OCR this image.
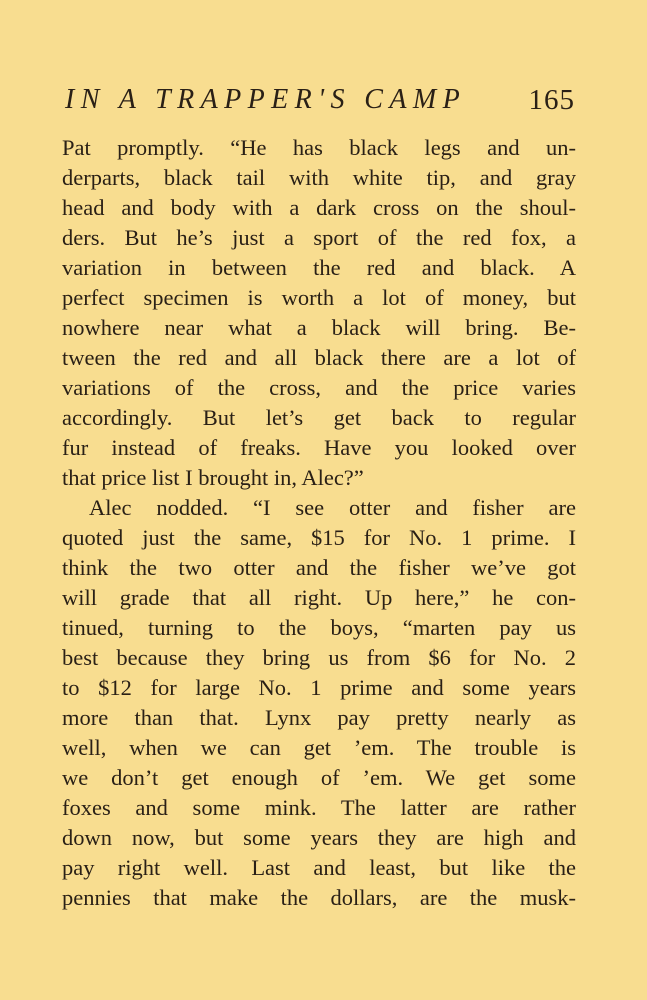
IN A TRAPPER'S CAMP 165
Pat promptly. “He has black legs and un-
derparts, black tail with white tip, and gray
head and body with a dark cross on the shoul-
ders. But he’s just a sport of the red fox, a
variation in between the red and black. A
perfect specimen is worth a lot of money, but
nowhere near what a black will bring. Be-
tween the red and all black there are a lot of
variations of the cross, and the price varies
accordingly. But let’s get back to regular
fur instead of freaks. Have you looked over
that price list I brought in, Alec?”
Alec nodded. “I see otter and fisher are
quoted just the same, $15 for No. 1 prime. I
think the two otter and the fisher we’ve got
will grade that all right. Up here,” he con-
tinued, turning to the boys, “marten pay us
best because they bring us from $6 for No. 2
to $12 for large No. 1 prime and some years
more than that. Lynx pay pretty nearly as
well, when we can get ’em. The trouble is
we don’t get enough of ’em. We get some
foxes and some mink. The latter are rather
down now, but some years they are high and
pay right well. Last and least, but like the
pennies that make the dollars, are the musk-
